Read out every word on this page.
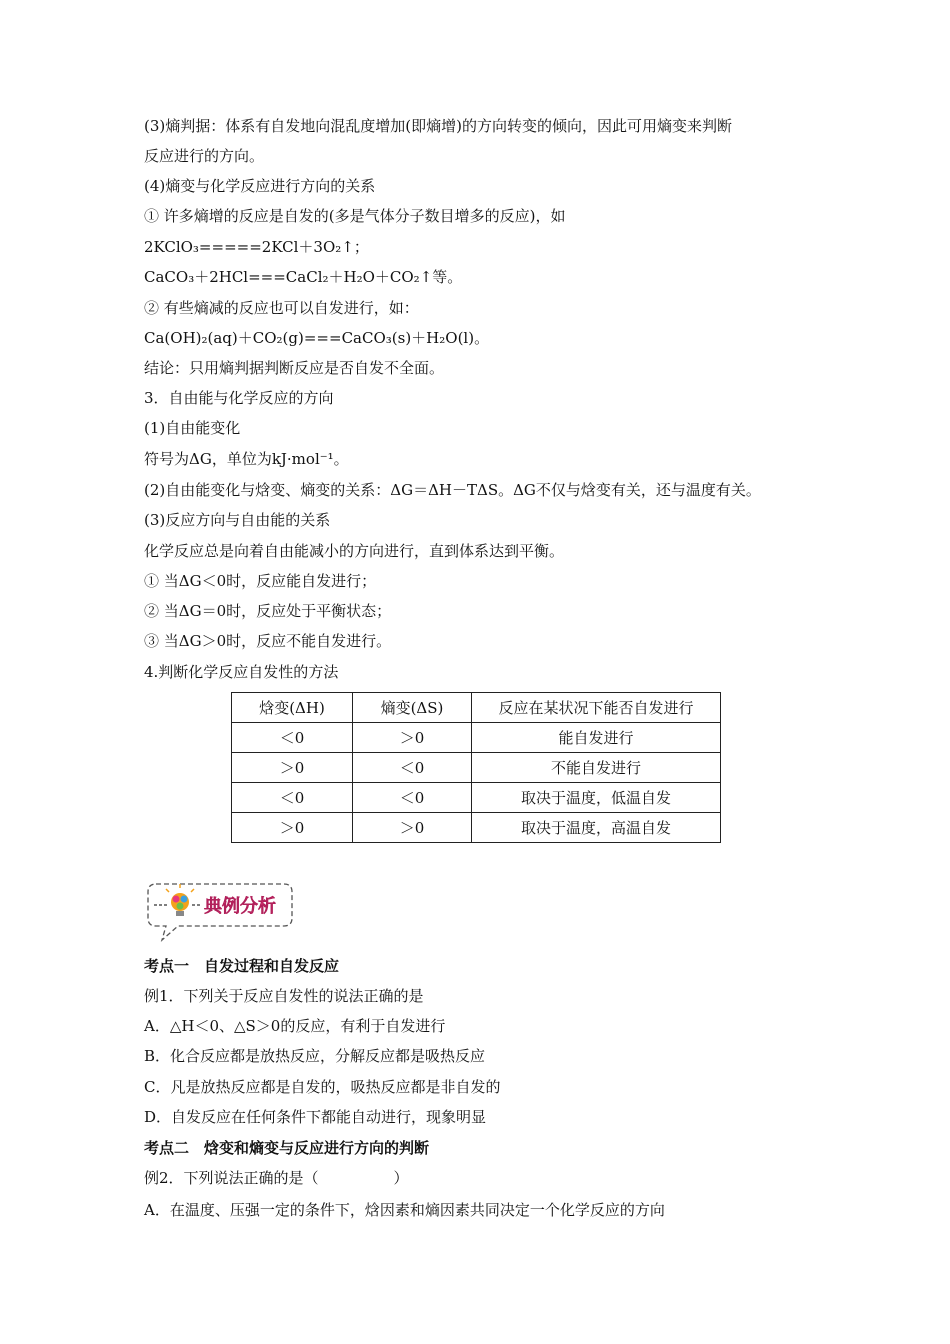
(3)熵判据：体系有自发地向混乱度增加(即熵增)的方向转变的倾向，因此可用熵变来判断
反应进行的方向。
(4)熵变与化学反应进行方向的关系
① 许多熵增的反应是自发的(多是气体分子数目增多的反应)，如
2KClO₃=====2KCl＋3O₂↑；
CaCO₃＋2HCl===CaCl₂＋H₂O＋CO₂↑等。
② 有些熵减的反应也可以自发进行，如：
Ca(OH)₂(aq)＋CO₂(g)===CaCO₃(s)＋H₂O(l)。
结论：只用熵判据判断反应是否自发不全面。
3．自由能与化学反应的方向
(1)自由能变化
符号为ΔG，单位为kJ·mol⁻¹。
(2)自由能变化与焓变、熵变的关系：ΔG＝ΔH－TΔS。ΔG不仅与焓变有关，还与温度有关。
(3)反应方向与自由能的关系
化学反应总是向着自由能减小的方向进行，直到体系达到平衡。
① 当ΔG＜0时，反应能自发进行；
② 当ΔG＝0时，反应处于平衡状态；
③ 当ΔG＞0时，反应不能自发进行。
4.判断化学反应自发性的方法
焓变(ΔH)	熵变(ΔS)	反应在某状况下能否自发进行
＜0	＞0	能自发进行
＞0	＜0	不能自发进行
＜0	＜0	取决于温度，低温自发
＞0	＞0	取决于温度，高温自发
典例分析
考点一　自发过程和自发反应
例1．下列关于反应自发性的说法正确的是
A．△H＜0、△S＞0的反应，有利于自发进行
B．化合反应都是放热反应，分解反应都是吸热反应
C．凡是放热反应都是自发的，吸热反应都是非自发的
D．自发反应在任何条件下都能自动进行，现象明显
考点二　焓变和熵变与反应进行方向的判断
例2．下列说法正确的是（　　　　　）
A．在温度、压强一定的条件下，焓因素和熵因素共同决定一个化学反应的方向
